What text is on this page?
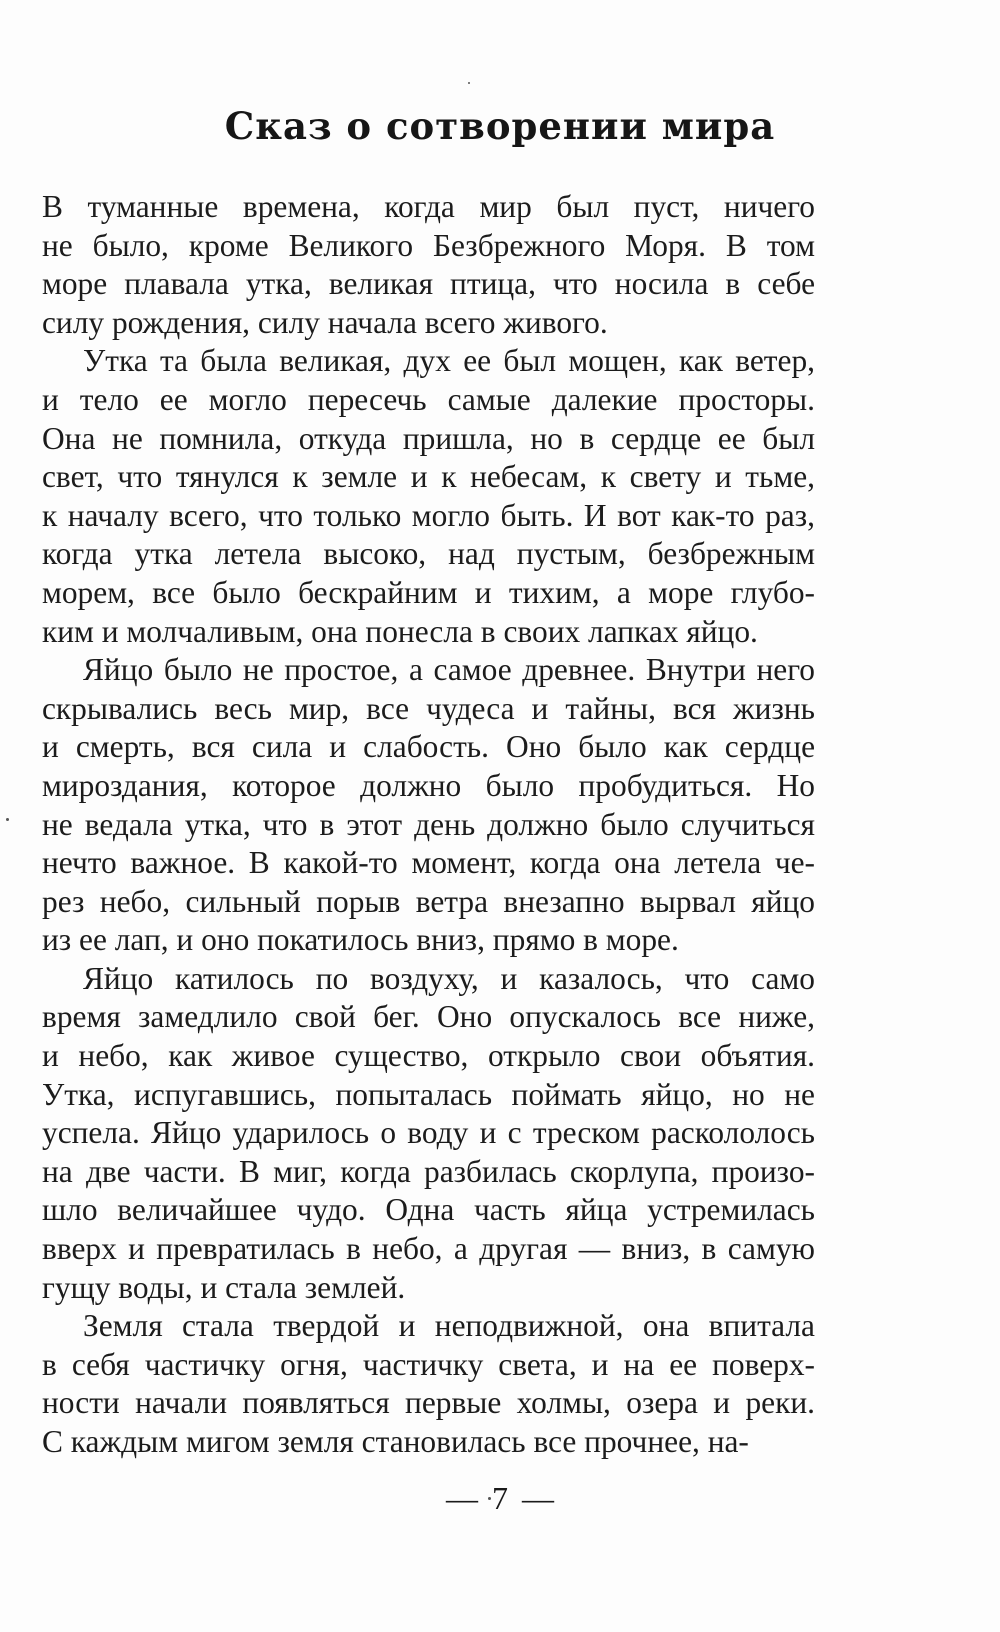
Сказ о сотворении мира
В туманные времена, когда мир был пуст, ничего
не было, кроме Великого Безбрежного Моря. В том
море плавала утка, великая птица, что носила в себе
силу рождения, силу начала всего живого.
Утка та была великая, дух ее был мощен, как ветер,
и тело ее могло пересечь самые далекие просторы.
Она не помнила, откуда пришла, но в сердце ее был
свет, что тянулся к земле и к небесам, к свету и тьме,
к началу всего, что только могло быть. И вот как-то раз,
когда утка летела высоко, над пустым, безбрежным
морем, все было бескрайним и тихим, а море глубо-
ким и молчаливым, она понесла в своих лапках яйцо.
Яйцо было не простое, а самое древнее. Внутри него
скрывались весь мир, все чудеса и тайны, вся жизнь
и смерть, вся сила и слабость. Оно было как сердце
мироздания, которое должно было пробудиться. Но
не ведала утка, что в этот день должно было случиться
нечто важное. В какой-то момент, когда она летела че-
рез небо, сильный порыв ветра внезапно вырвал яйцо
из ее лап, и оно покатилось вниз, прямо в море.
Яйцо катилось по воздуху, и казалось, что само
время замедлило свой бег. Оно опускалось все ниже,
и небо, как живое существо, открыло свои объятия.
Утка, испугавшись, попыталась поймать яйцо, но не
успела. Яйцо ударилось о воду и с треском раскололось
на две части. В миг, когда разбилась скорлупа, произо-
шло величайшее чудо. Одна часть яйца устремилась
вверх и превратилась в небо, а другая — вниз, в самую
гущу воды, и стала землей.
Земля стала твердой и неподвижной, она впитала
в себя частичку огня, частичку света, и на ее поверх-
ности начали появляться первые холмы, озера и реки.
С каждым мигом земля становилась все прочнее, на-
— 7 —
